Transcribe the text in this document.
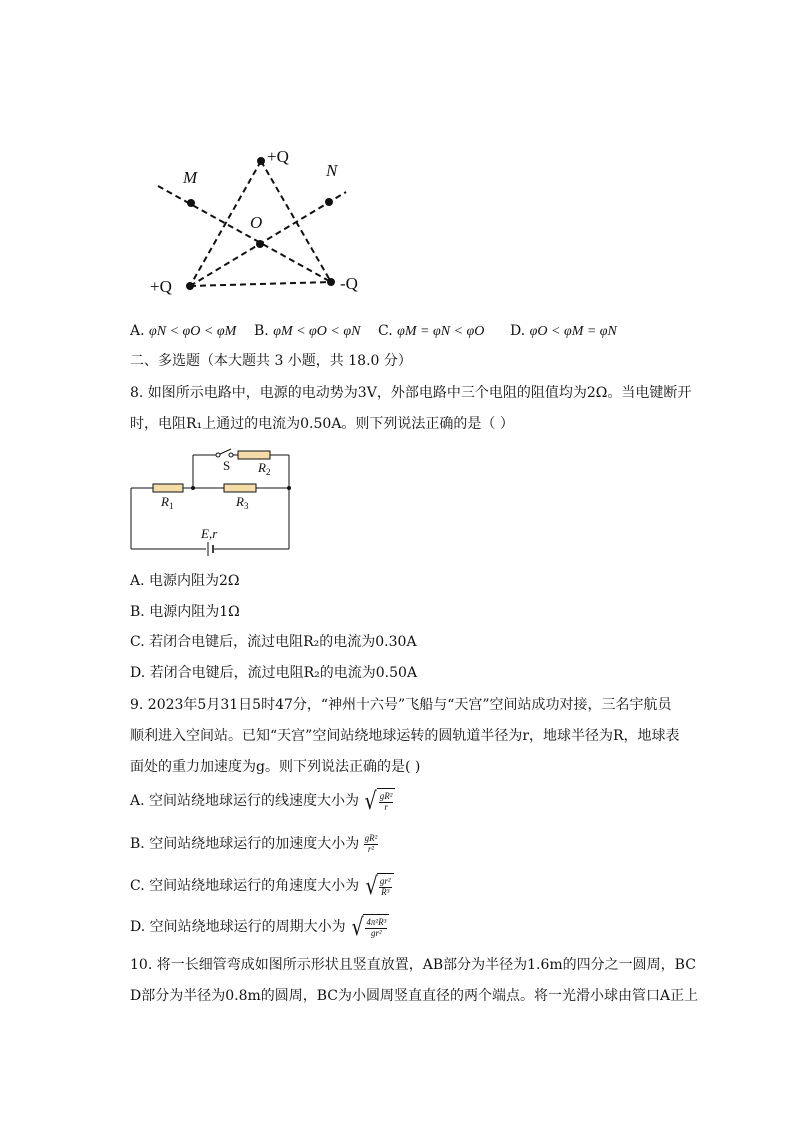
+Q
+Q	-Q
M	N
O
A. φN < φO < φM B. φM < φO < φN C. φM = φN < φO D. φO < φM = φN
二、多选题（本大题共 3 小题，共 18.0 分）
8. 如图所示电路中，电源的电动势为3V，外部电路中三个电阻的阻值均为2Ω。当电键断开
时，电阻R₁上通过的电流为0.50A。则下列说法正确的是（ ）
S $R_2$
$R_1$	$R_3$
E,r
A. 电源内阻为2Ω
B. 电源内阻为1Ω
C. 若闭合电键后，流过电阻R₂的电流为0.30A
D. 若闭合电键后，流过电阻R₂的电流为0.50A
9. 2023年5月31日5时47分，“神州十六号”飞船与“天宫”空间站成功对接，三名宇航员
顺利进入空间站。已知“天宫”空间站绕地球运转的圆轨道半径为r，地球半径为R，地球表
面处的重力加速度为g。则下列说法正确的是( )
A. 空间站绕地球运行的线速度大小为 √ $\frac{\text{gR²}}{r}$
B. 空间站绕地球运行的加速度大小为 $\frac{\text{gR²}}{\text{r²}}$
C. 空间站绕地球运行的角速度大小为 √ $\frac{\text{gr²}}{\text{R³}}$
D. 空间站绕地球运行的周期大小为 √ $\frac{\text{4π²R³}}{\text{gr²}}$
10. 将一长细管弯成如图所示形状且竖直放置，AB部分为半径为1.6m的四分之一圆周，BC
D部分为半径为0.8m的圆周，BC为小圆周竖直直径的两个端点。将一光滑小球由管口A正上
